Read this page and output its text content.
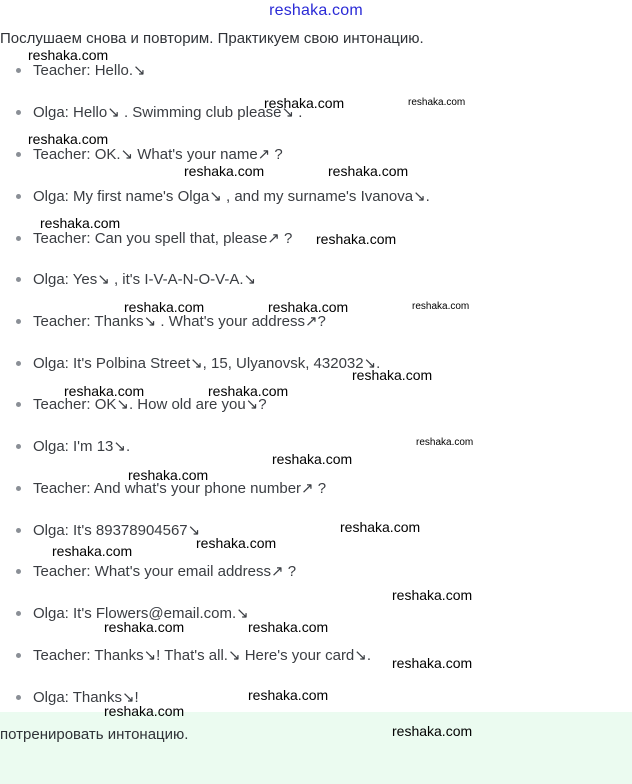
reshaka.com
Послушаем снова и повторим. Практикуем свою интонацию.
Teacher: Hello.↘
Olga: Hello↘ . Swimming club please↘ .
Teacher: OK.↘ What's your name↗ ?
Olga: My first name's Olga↘ , and my surname's Ivanova↘.
Teacher: Can you spell that, please↗ ?
Olga: Yes↘ , it's I-V-A-N-O-V-A.↘
Teacher: Thanks↘ . What's your address↗?
Olga: It's Polbina Street↘, 15, Ulyanovsk, 432032↘.
Teacher: OK↘. How old are you↘?
Olga: I'm 13↘.
Teacher: And what's your phone number↗ ?
Olga: It's 89378904567↘
Teacher: What's your email address↗ ?
Olga: It's Flowers@email.com.↘
Teacher: Thanks↘! That's all.↘ Here's your card↘.
Olga: Thanks↘!
потренировать интонацию.
reshaka.com
reshaka.com	reshaka.com
reshaka.com
reshaka.com	reshaka.com
reshaka.com
reshaka.com
reshaka.com	reshaka.com	reshaka.com
reshaka.com
reshaka.com	reshaka.com
reshaka.com
reshaka.com
reshaka.com
reshaka.com
reshaka.com
reshaka.com
reshaka.com
reshaka.com	reshaka.com
reshaka.com
reshaka.com
reshaka.com
reshaka.com
